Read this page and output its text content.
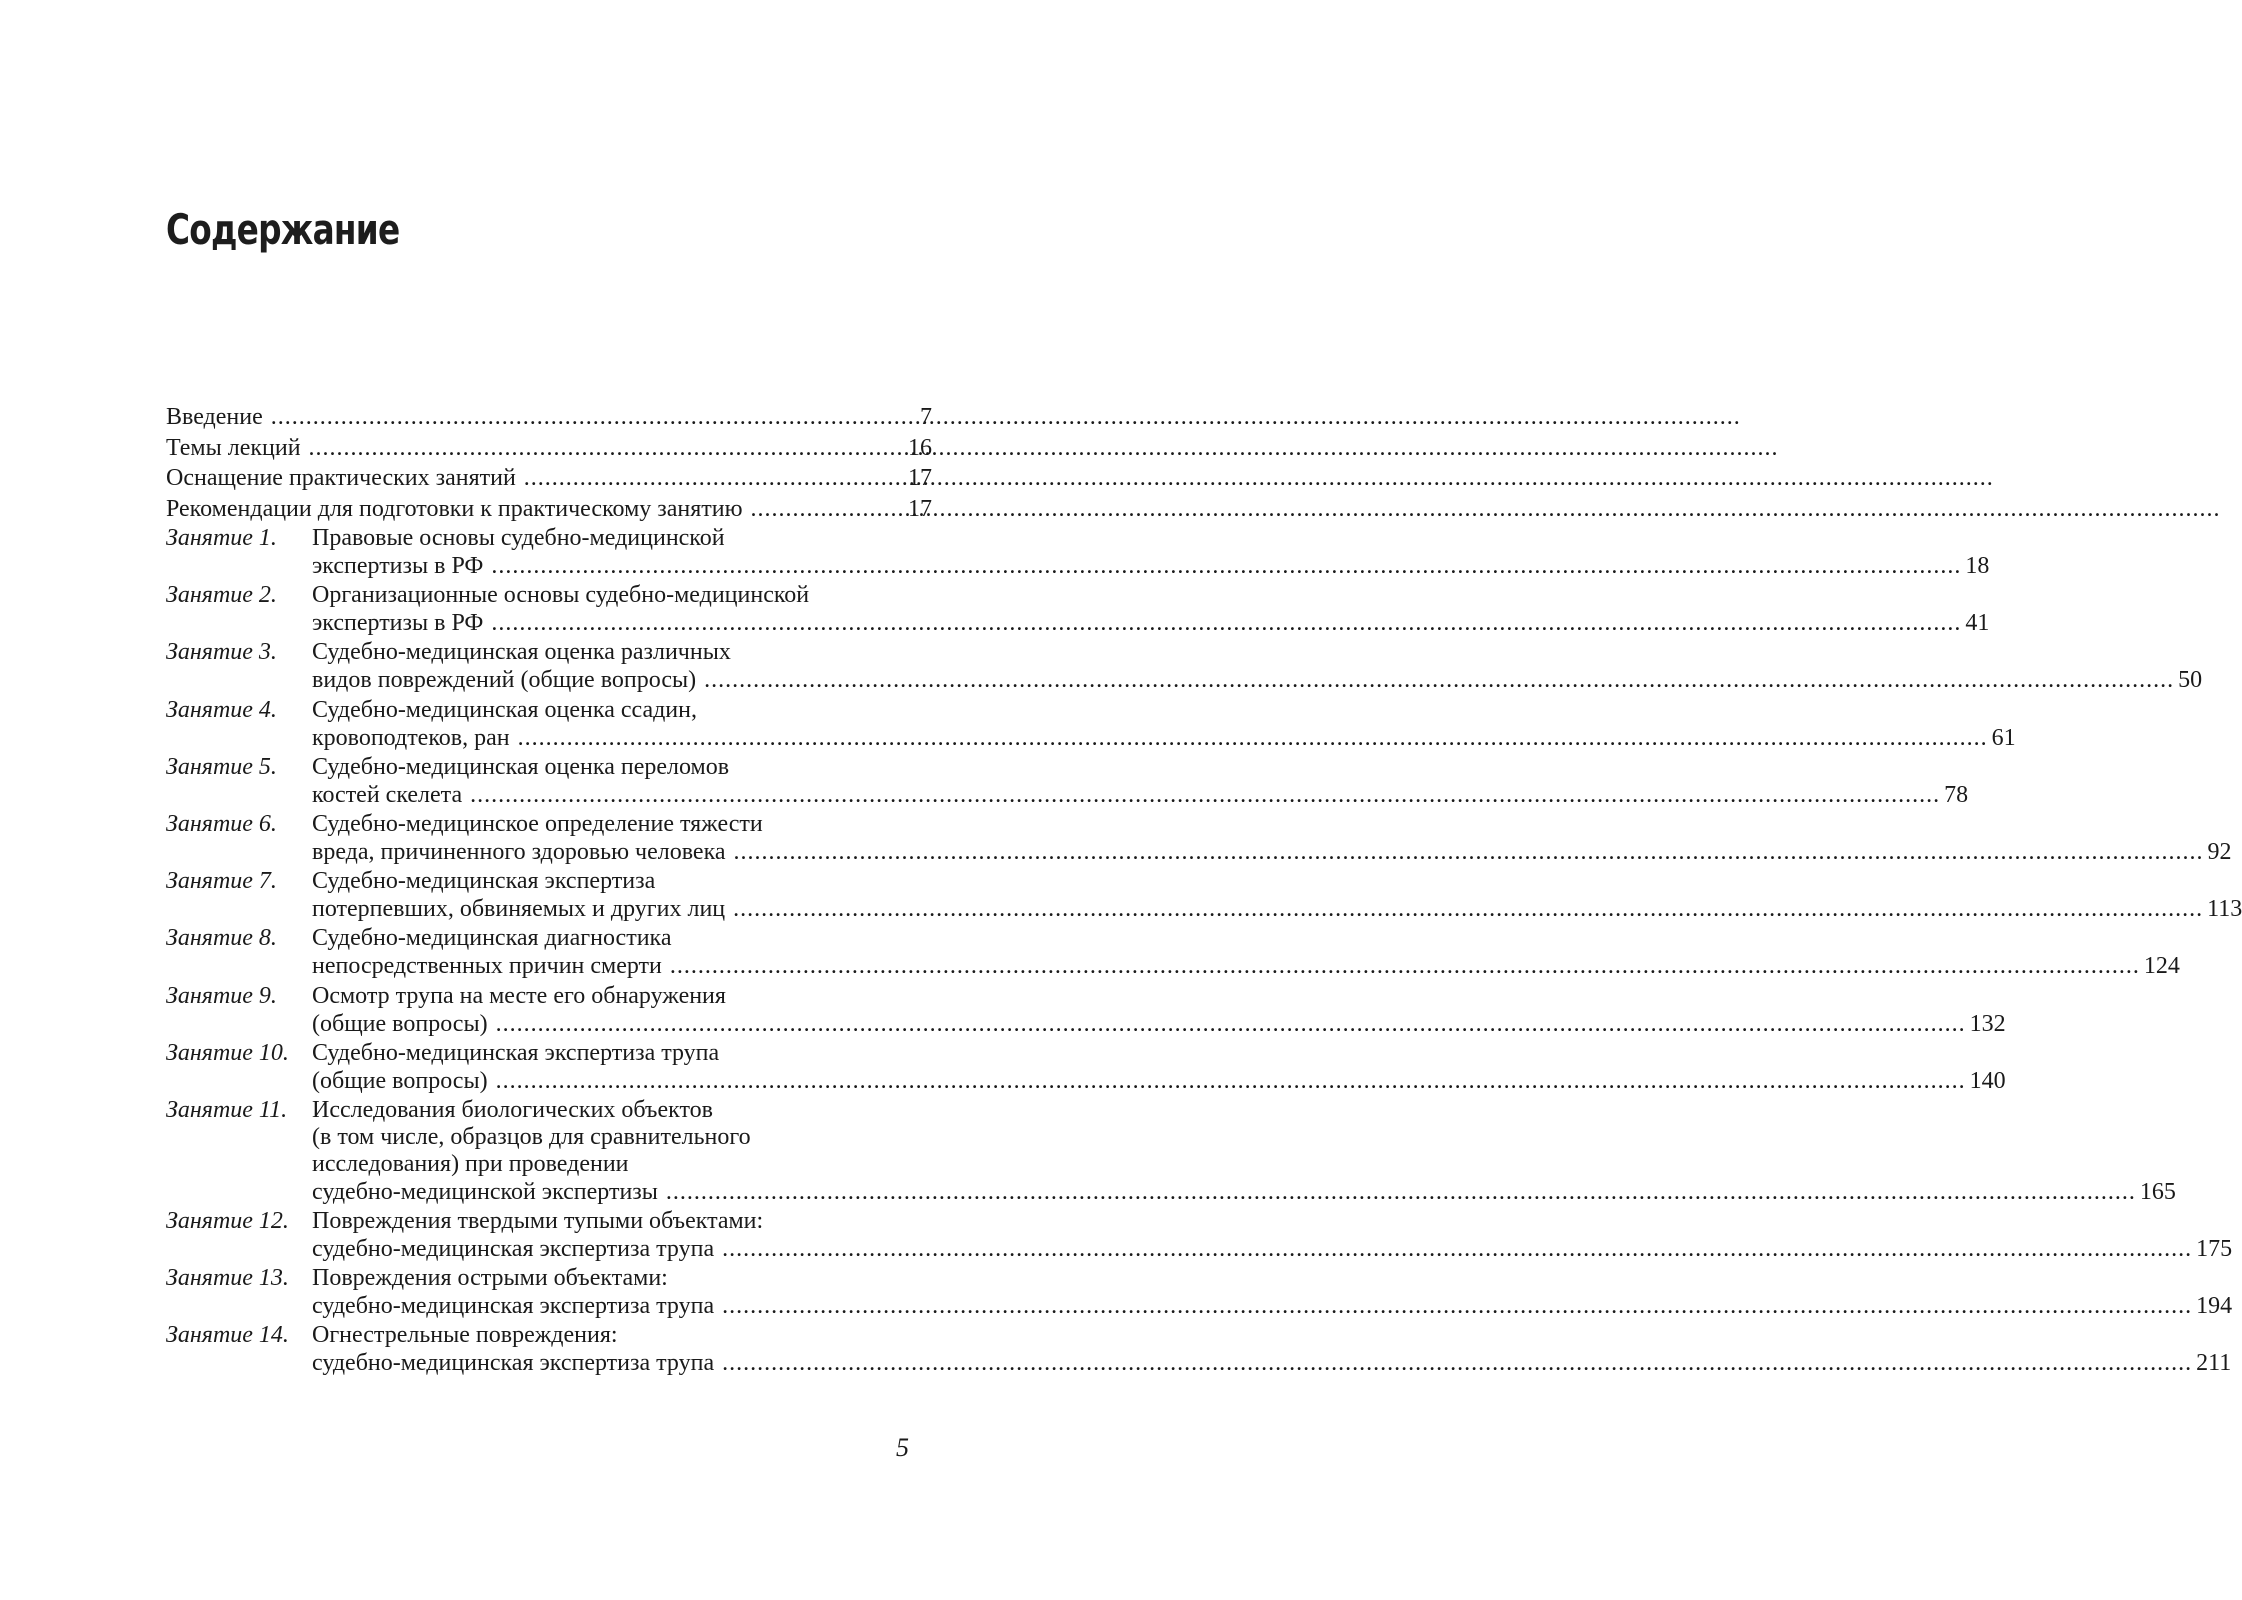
Содержание
Введение .....	7
Темы лекций .....	16
Оснащение практических занятий .....	17
Рекомендации для подготовки к практическому занятию .....	17
Занятие 1.	Правовые основы судебно-медицинской
экспертизы в РФ .....	18
Занятие 2.	Организационные основы судебно-медицинской
экспертизы в РФ .....	41
Занятие 3.	Судебно-медицинская оценка различных
видов повреждений (общие вопросы) .....	50
Занятие 4.	Судебно-медицинская оценка ссадин,
кровоподтеков, ран .....	61
Занятие 5.	Судебно-медицинская оценка переломов
костей скелета .....	78
Занятие 6.	Судебно-медицинское определение тяжести
вреда, причиненного здоровью человека .....	92
Занятие 7.	Судебно-медицинская экспертиза
потерпевших, обвиняемых и других лиц .....	113
Занятие 8.	Судебно-медицинская диагностика
непосредственных причин смерти .....	124
Занятие 9.	Осмотр трупа на месте его обнаружения
(общие вопросы) .....	132
Занятие 10. Судебно-медицинская экспертиза трупа
(общие вопросы) .....	140
Занятие 11.	Исследования биологических объектов
(в том числе, образцов для сравнительного
исследования) при проведении
судебно-медицинской экспертизы .....	165
Занятие 12. Повреждения твердыми тупыми объектами:
судебно-медицинская экспертиза трупа .....	175
Занятие 13. Повреждения острыми объектами:
судебно-медицинская экспертиза трупа .....	194
Занятие 14. Огнестрельные повреждения:
судебно-медицинская экспертиза трупа .....	211
5
